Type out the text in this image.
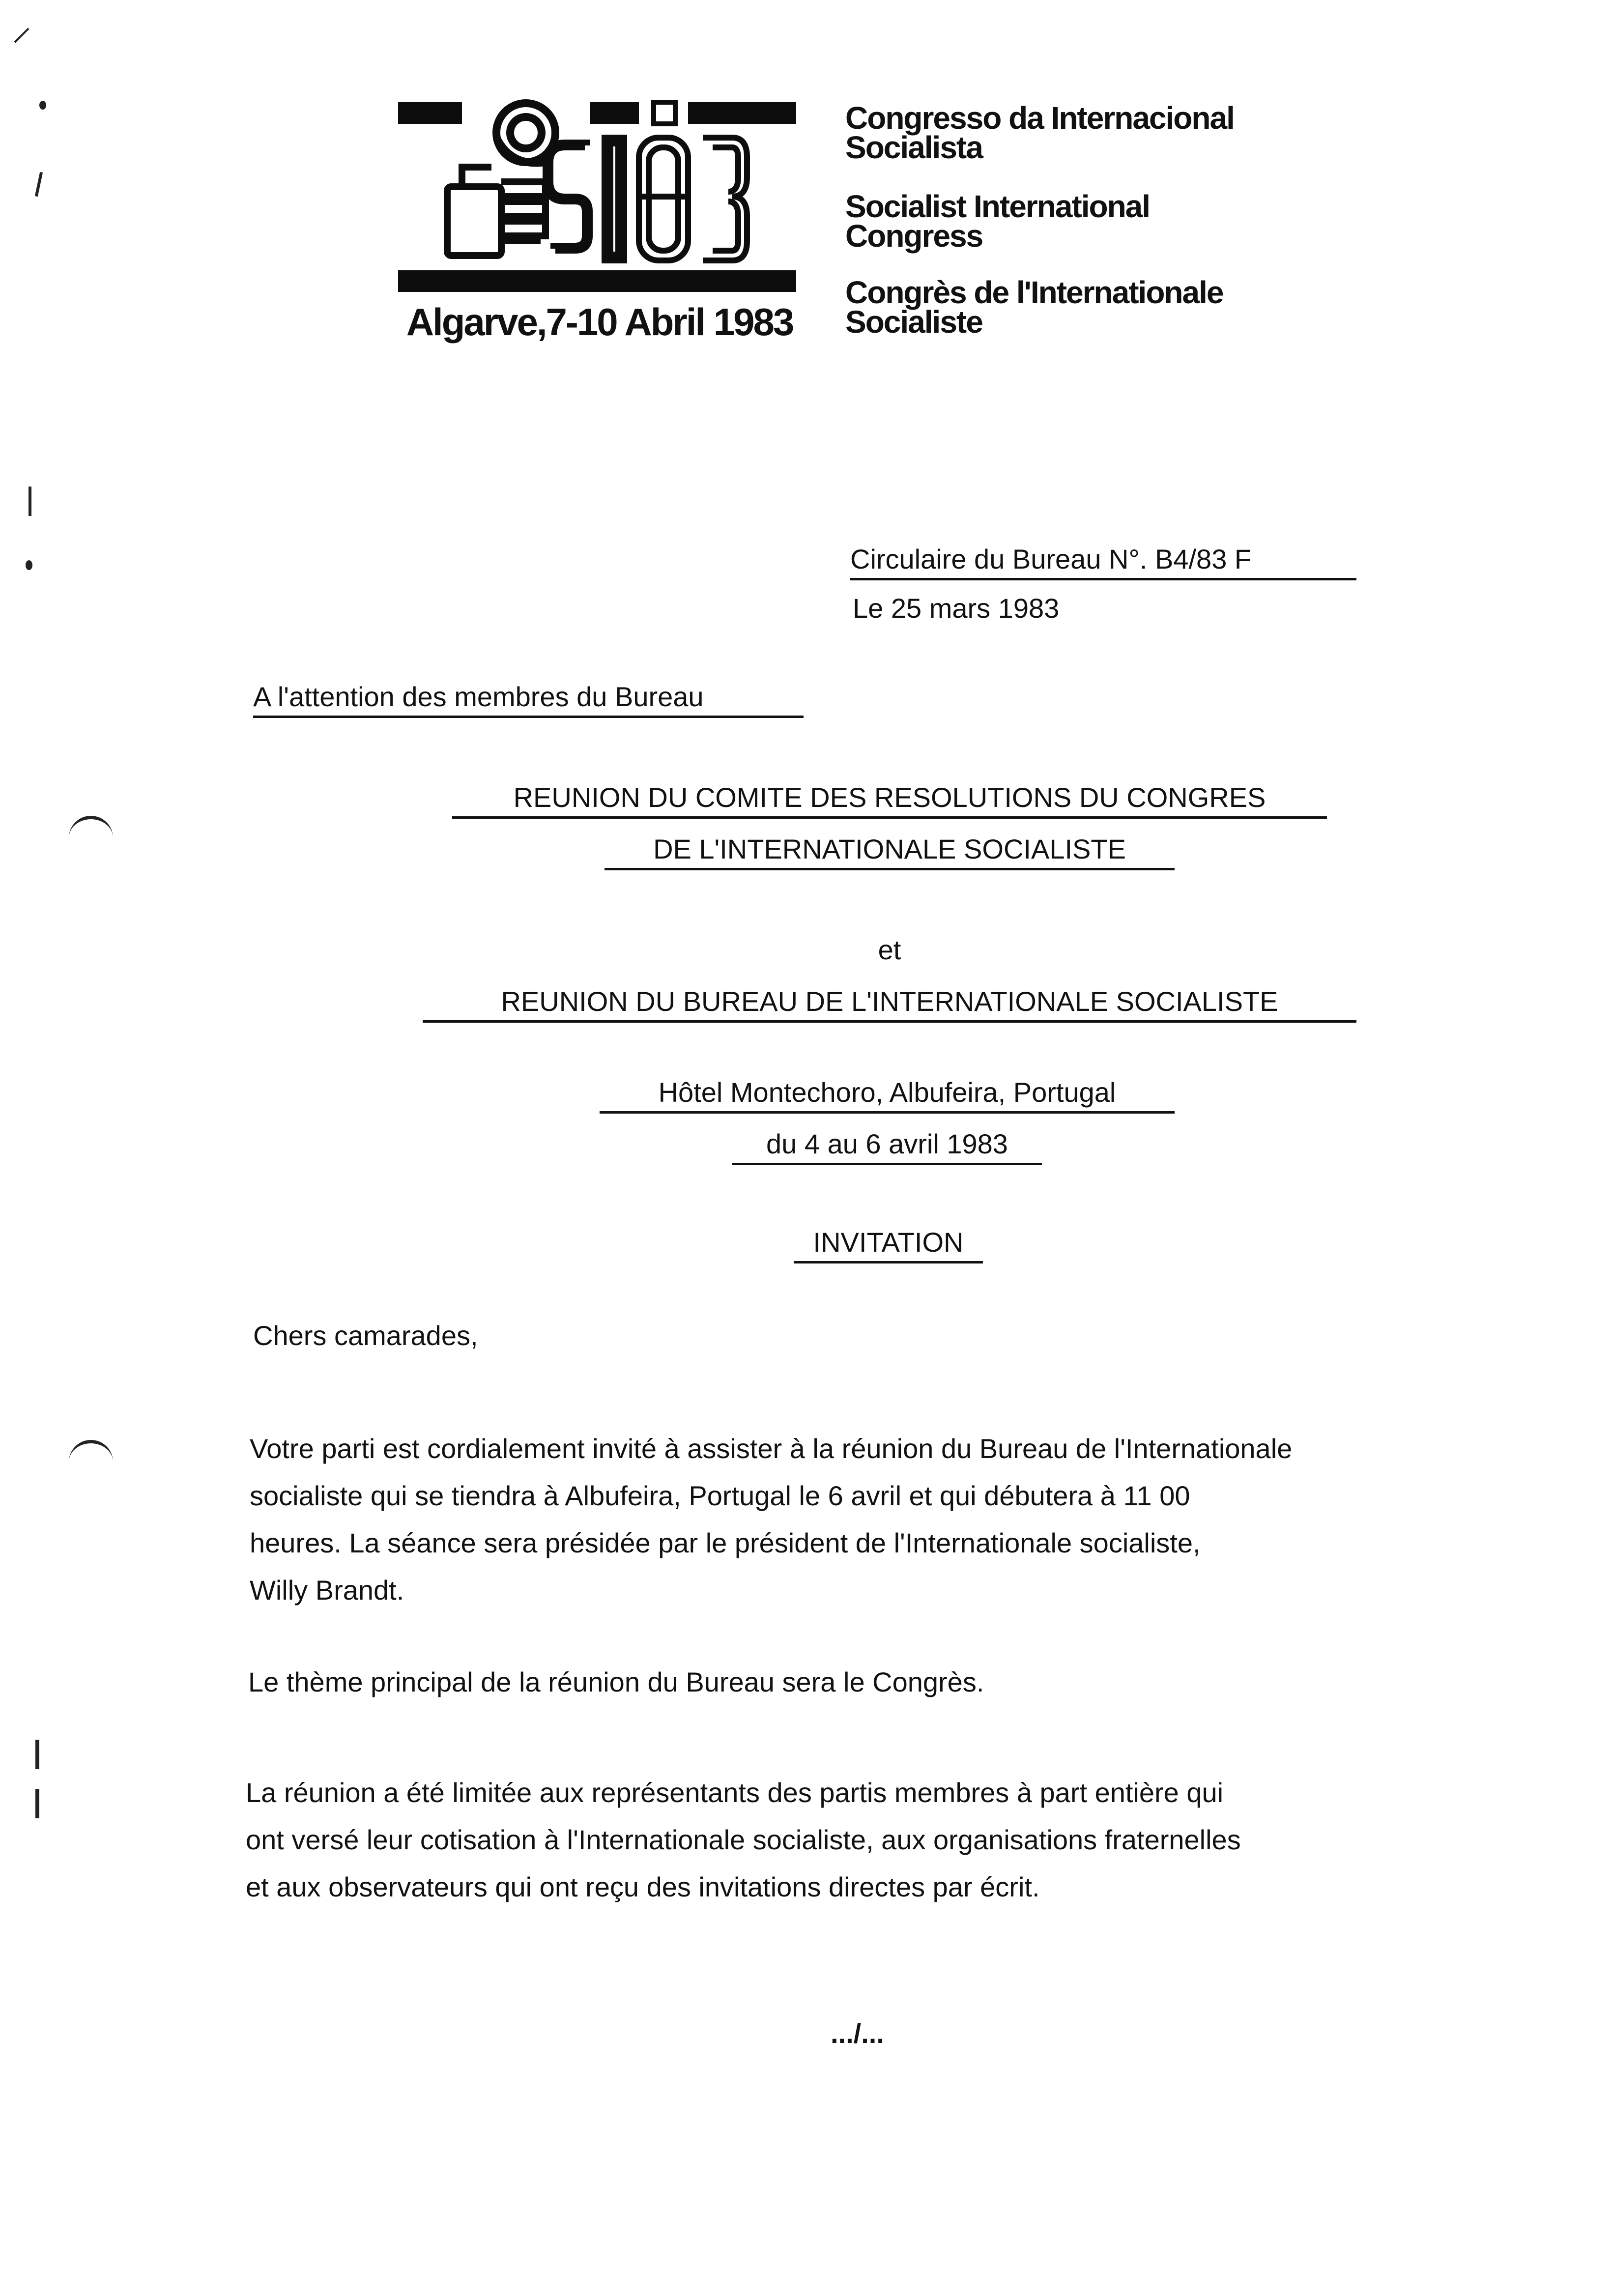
Algarve,7-10 Abril 1983
Congresso da Internacional
Socialista
Socialist International
Congress
Congrès de l'Internationale
Socialiste
Circulaire du Bureau N°. B4/83 F
Le 25 mars 1983
A l'attention des membres du Bureau
REUNION DU COMITE DES RESOLUTIONS DU CONGRES
DE L'INTERNATIONALE SOCIALISTE
et
REUNION DU BUREAU DE L'INTERNATIONALE SOCIALISTE
Hôtel Montechoro, Albufeira, Portugal
du 4 au 6 avril 1983
INVITATION
Chers camarades,

Votre parti est cordialement invité à assister à la réunion du Bureau de l'Internationale

socialiste qui se tiendra à Albufeira, Portugal le 6 avril et qui débutera à 11 00

heures. La séance sera présidée par le président de l'Internationale socialiste,

Willy Brandt.

Le thème principal de la réunion du Bureau sera le Congrès.

La réunion a été limitée aux représentants des partis membres à part entière qui

ont versé leur cotisation à l'Internationale socialiste, aux organisations fraternelles

et aux observateurs qui ont reçu des invitations directes par écrit.

.../...
